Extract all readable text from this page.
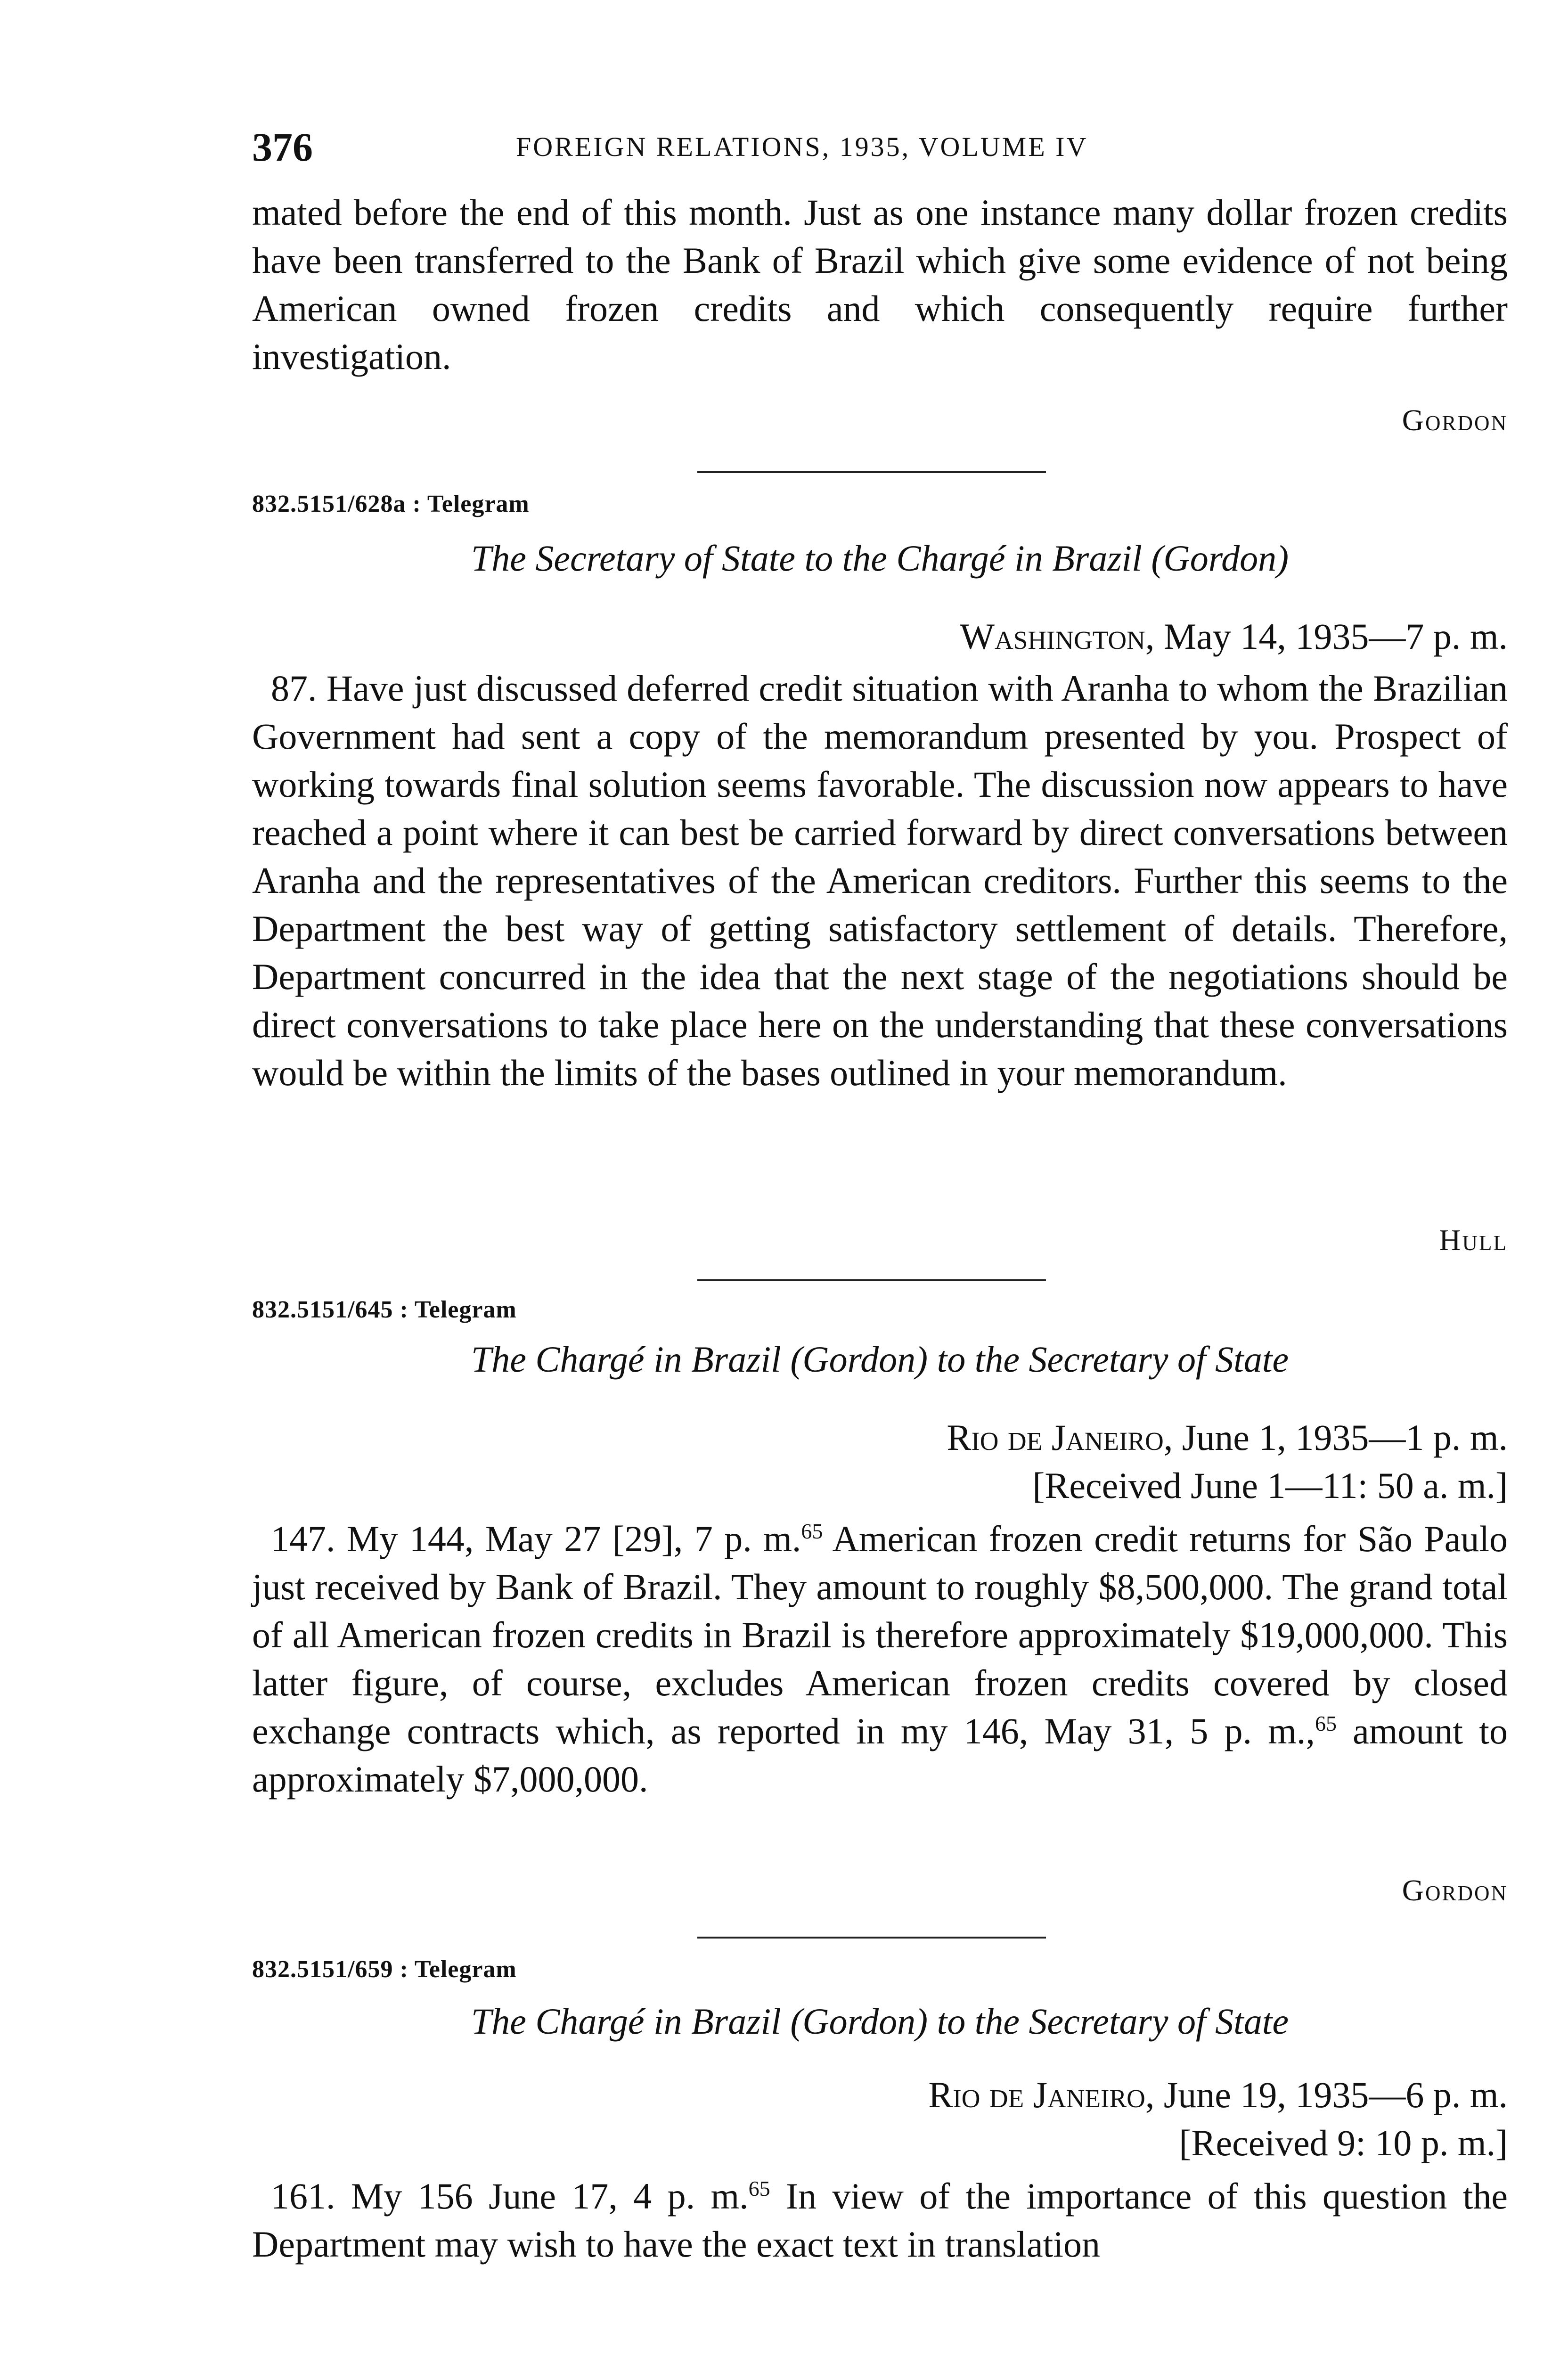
376	FOREIGN RELATIONS, 1935, VOLUME IV

mated before the end of this month. Just as one instance many dollar frozen credits have been transferred to the Bank of Brazil which give some evidence of not being American owned frozen credits and which consequently require further investigation.

Gordon
832.5151/628a : Telegram
The Secretary of State to the Chargé in Brazil (Gordon)
Washington, May 14, 1935—7 p. m.

87. Have just discussed deferred credit situation with Aranha to whom the Brazilian Government had sent a copy of the memorandum presented by you. Prospect of working towards final solution seems favorable. The discussion now appears to have reached a point where it can best be carried forward by direct conversations between Aranha and the representatives of the American creditors. Further this seems to the Department the best way of getting satisfactory settlement of details. Therefore, Department concurred in the idea that the next stage of the negotiations should be direct conversations to take place here on the understanding that these conversations would be within the limits of the bases outlined in your memorandum.

Hull
832.5151/645 : Telegram
The Chargé in Brazil (Gordon) to the Secretary of State
Rio de Janeiro, June 1, 1935—1 p. m.
[Received June 1—11: 50 a. m.]

147. My 144, May 27 [29], 7 p. m.$^{65}$ American frozen credit returns for São Paulo just received by Bank of Brazil. They amount to roughly $8,500,000. The grand total of all American frozen credits in Brazil is therefore approximately $19,000,000. This latter figure, of course, excludes American frozen credits covered by closed exchange contracts which, as reported in my 146, May 31, 5 p. m.,$^{65}$ amount to approximately $7,000,000.

Gordon
832.5151/659 : Telegram
The Chargé in Brazil (Gordon) to the Secretary of State
Rio de Janeiro, June 19, 1935—6 p. m.
[Received 9: 10 p. m.]

161. My 156 June 17, 4 p. m.$^{65}$ In view of the importance of this question the Department may wish to have the exact text in translation
